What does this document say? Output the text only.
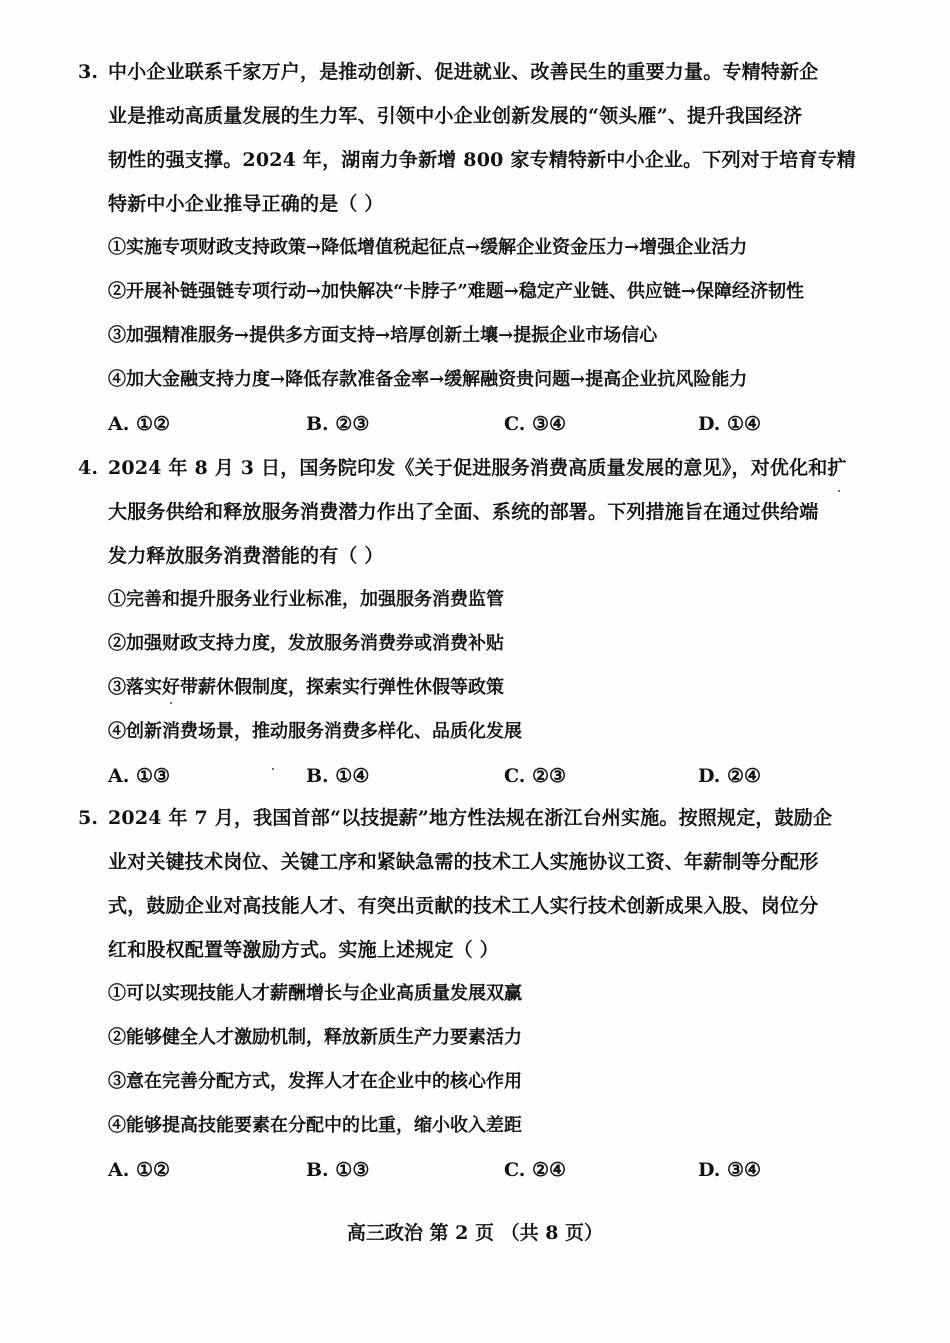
3. 中小企业联系千家万户，是推动创新、促进就业、改善民生的重要力量。专精特新企
业是推动高质量发展的生力军、引领中小企业创新发展的“领头雁”、提升我国经济
韧性的强支撑。2024 年，湖南力争新增 800 家专精特新中小企业。下列对于培育专精
特新中小企业推导正确的是（ ）
①实施专项财政支持政策→降低增值税起征点→缓解企业资金压力→增强企业活力
②开展补链强链专项行动→加快解决“卡脖子”难题→稳定产业链、供应链→保障经济韧性
③加强精准服务→提供多方面支持→培厚创新土壤→提振企业市场信心
④加大金融支持力度→降低存款准备金率→缓解融资贵问题→提高企业抗风险能力
A. ①②	B. ②③	C. ③④	D. ①④
4. 2024 年 8 月 3 日，国务院印发《关于促进服务消费高质量发展的意见》，对优化和扩
大服务供给和释放服务消费潜力作出了全面、系统的部署。下列措施旨在通过供给端
发力释放服务消费潜能的有（ ）
①完善和提升服务业行业标准，加强服务消费监管
②加强财政支持力度，发放服务消费券或消费补贴
③落实好带薪休假制度，探索实行弹性休假等政策
④创新消费场景，推动服务消费多样化、品质化发展
A. ①③	B. ①④	C. ②③	D. ②④
5. 2024 年 7 月，我国首部“以技提薪”地方性法规在浙江台州实施。按照规定，鼓励企
业对关键技术岗位、关键工序和紧缺急需的技术工人实施协议工资、年薪制等分配形
式，鼓励企业对高技能人才、有突出贡献的技术工人实行技术创新成果入股、岗位分
红和股权配置等激励方式。实施上述规定（ ）
①可以实现技能人才薪酬增长与企业高质量发展双赢
②能够健全人才激励机制，释放新质生产力要素活力
③意在完善分配方式，发挥人才在企业中的核心作用
④能够提高技能要素在分配中的比重，缩小收入差距
A. ①②	B. ①③	C. ②④	D. ③④
高三政治 第 2 页 （共 8 页）
